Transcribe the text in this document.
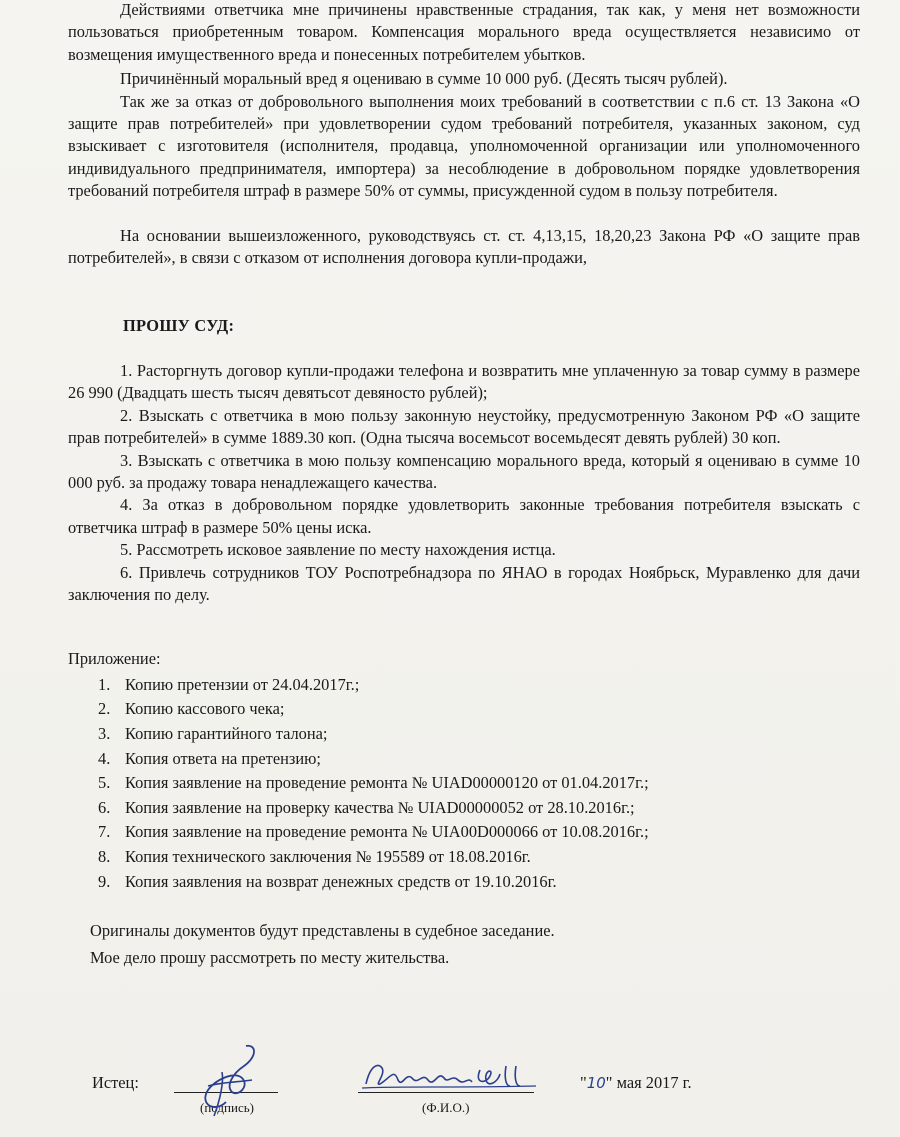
Действиями ответчика мне причинены нравственные страдания, так как, у меня нет возможности пользоваться приобретенным товаром. Компенсация морального вреда осуществляется независимо от возмещения имущественного вреда и понесенных потребителем убытков.

Причинённый моральный вред я оцениваю в сумме 10 000 руб. (Десять тысяч рублей).

Так же за отказ от добровольного выполнения моих требований в соответствии с п.6 ст. 13 Закона «О защите прав потребителей» при удовлетворении судом требований потребителя, указанных законом, суд взыскивает с изготовителя (исполнителя, продавца, уполномоченной организации или уполномоченного индивидуального предпринимателя, импортера) за несоблюдение в добровольном порядке удовлетворения требований потребителя штраф в размере 50% от суммы, присужденной судом в пользу потребителя.

На основании вышеизложенного, руководствуясь ст. ст. 4,13,15, 18,20,23 Закона РФ «О защите прав потребителей», в связи с отказом от исполнения договора купли-продажи,

ПРОШУ СУД:

1. Расторгнуть договор купли-продажи телефона и возвратить мне уплаченную за товар сумму в размере 26 990 (Двадцать шесть тысяч девятьсот девяносто рублей);

2. Взыскать с ответчика в мою пользу законную неустойку, предусмотренную Законом РФ «О защите прав потребителей» в сумме 1889.30 коп. (Одна тысяча восемьсот восемьдесят девять рублей) 30 коп.

3. Взыскать с ответчика в мою пользу компенсацию морального вреда, который я оцениваю в сумме 10 000 руб. за продажу товара ненадлежащего качества.

4. За отказ в добровольном порядке удовлетворить законные требования потребителя взыскать с ответчика штраф в размере 50% цены иска.

5. Рассмотреть исковое заявление по месту нахождения истца.

6. Привлечь сотрудников ТОУ Роспотребнадзора по ЯНАО в городах Ноябрьск, Муравленко для дачи заключения по делу.

Приложение:

1. Копию претензии от 24.04.2017г.;
2. Копию кассового чека;
3. Копию гарантийного талона;
4. Копия ответа на претензию;
5. Копия заявление на проведение ремонта № UIAD00000120 от 01.04.2017г.;
6. Копия заявление на проверку качества № UIAD00000052 от 28.10.2016г.;
7. Копия заявление на проведение ремонта № UIA00D000066 от 10.08.2016г.;
8. Копия технического заключения № 195589 от 18.08.2016г.
9. Копия заявления на возврат денежных средств от 19.10.2016г.

Оригиналы документов будут представлены в судебное заседание.

Мое дело прошу рассмотреть по месту жительства.

Истец:
(подпись)	(Ф.И.О.)
"10" мая 2017 г.
